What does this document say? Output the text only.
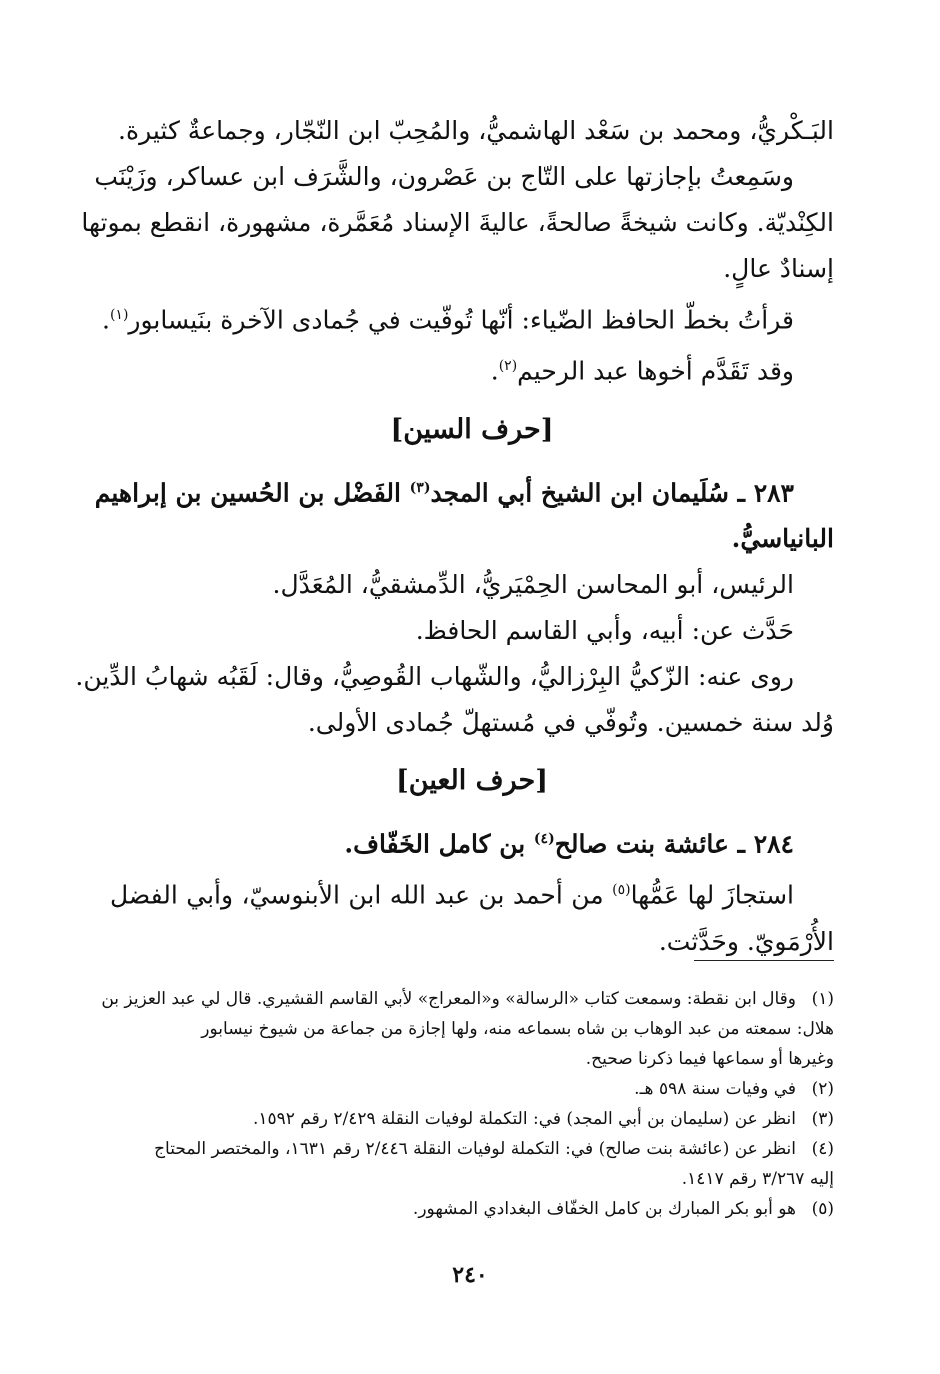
البَـكْريُّ، ومحمد بن سَعْد الهاشميُّ، والمُحِبّ ابن النّجّار، وجماعةٌ كثيرة.
وسَمِعتُ بإجازتها على التّاج بن عَصْرون، والشَّرَف ابن عساكر، وزَيْنَب
الكِنْديّة. وكانت شيخةً صالحةً، عاليةَ الإسناد مُعَمَّرة، مشهورة، انقطع بموتها
إسنادٌ عالٍ.
قرأتُ بخطّ الحافظ الضّياء: أنّها تُوفّيت في جُمادى الآخرة بنَيسابور$^{(١)}$.
وقد تَقَدَّم أخوها عبد الرحيم$^{(٢)}$.
[حرف السين]
٢٨٣ ـ سُلَيمان ابن الشيخ أبي المجد$^{(٣)}$ الفَضْل بن الحُسين بن إبراهيم
البانياسيُّ.
الرئيس، أبو المحاسن الحِمْيَريُّ، الدِّمشقيُّ، المُعَدَّل.
حَدَّث عن: أبيه، وأبي القاسم الحافظ.
روى عنه: الزّكيُّ البِرْزاليُّ، والشّهاب القُوصِيُّ، وقال: لَقَبُه شهابُ الدِّين.
وُلد سنة خمسين. وتُوفّي في مُستهلّ جُمادى الأولى.
[حرف العين]
٢٨٤ ـ عائشة بنت صالح$^{(٤)}$ بن كامل الخَفّاف.
استجازَ لها عَمُّها$^{(٥)}$ من أحمد بن عبد الله ابن الأبنوسيّ، وأبي الفضل
الأُرْمَويّ. وحَدَّثت.
(١)وقال ابن نقطة: وسمعت كتاب «الرسالة» و«المعراج» لأبي القاسم القشيري. قال لي عبد العزيز بن
هلال: سمعته من عبد الوهاب بن شاه بسماعه منه، ولها إجازة من جماعة من شيوخ نيسابور
وغيرها أو سماعها فيما ذكرنا صحيح.
(٢)في وفيات سنة ٥٩٨ هـ.
(٣)انظر عن (سليمان بن أبي المجد) في: التكملة لوفيات النقلة ٢/٤٢٩ رقم ١٥٩٢.
(٤)انظر عن (عائشة بنت صالح) في: التكملة لوفيات النقلة ٢/٤٤٦ رقم ١٦٣١، والمختصر المحتاج
إليه ٣/٢٦٧ رقم ١٤١٧.
(٥)هو أبو بكر المبارك بن كامل الخفّاف البغدادي المشهور.
٢٤٠
